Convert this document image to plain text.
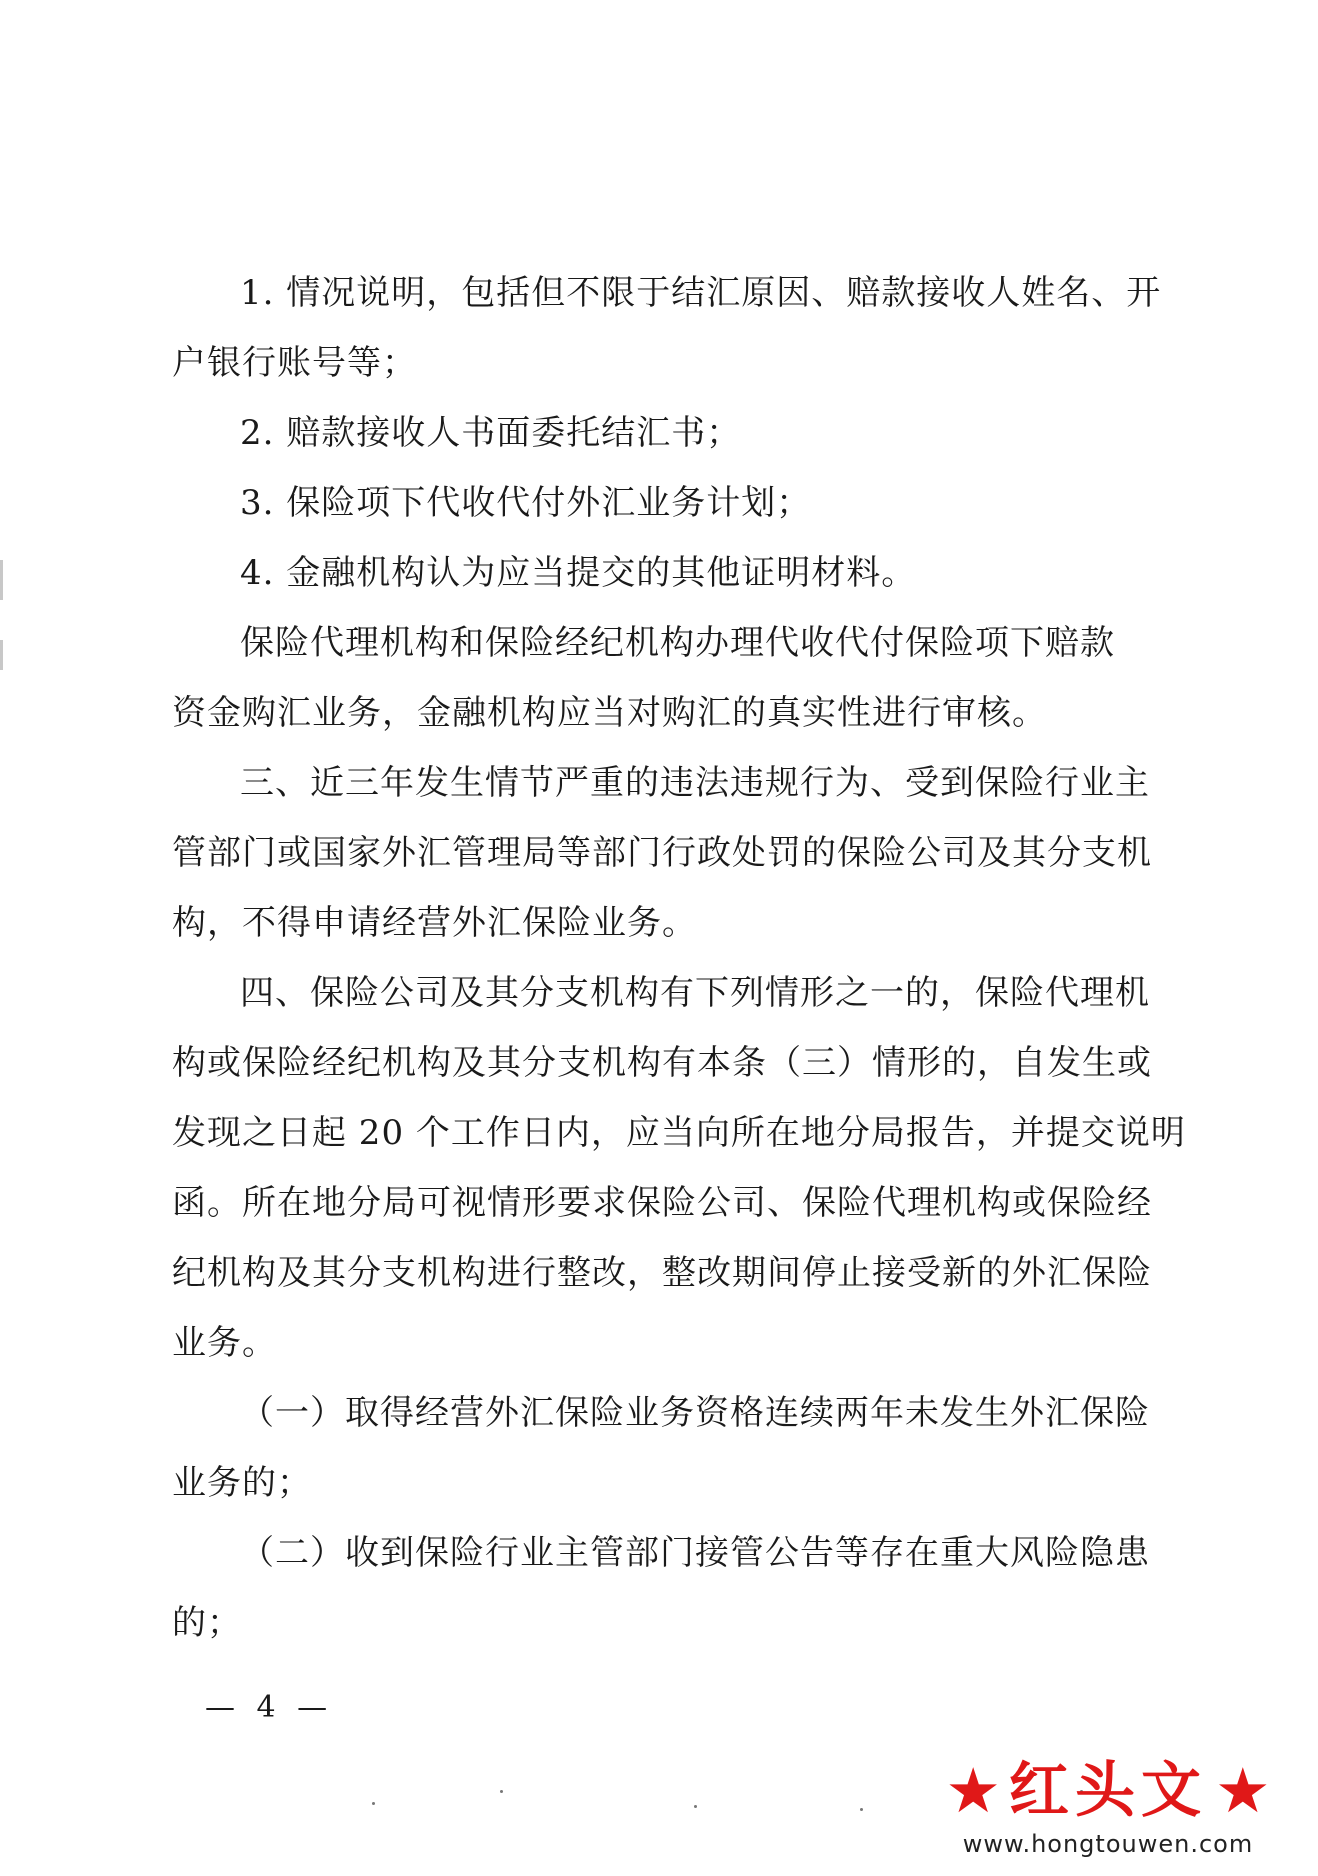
1. 情况说明，包括但不限于结汇原因、赔款接收人姓名、开
户银行账号等；
2. 赔款接收人书面委托结汇书；
3. 保险项下代收代付外汇业务计划；
4. 金融机构认为应当提交的其他证明材料。
保险代理机构和保险经纪机构办理代收代付保险项下赔款
资金购汇业务，金融机构应当对购汇的真实性进行审核。
三、近三年发生情节严重的违法违规行为、受到保险行业主
管部门或国家外汇管理局等部门行政处罚的保险公司及其分支机
构，不得申请经营外汇保险业务。
四、保险公司及其分支机构有下列情形之一的，保险代理机
构或保险经纪机构及其分支机构有本条（三）情形的，自发生或
发现之日起 20 个工作日内，应当向所在地分局报告，并提交说明
函。所在地分局可视情形要求保险公司、保险代理机构或保险经
纪机构及其分支机构进行整改，整改期间停止接受新的外汇保险
业务。
（一）取得经营外汇保险业务资格连续两年未发生外汇保险
业务的；
（二）收到保险行业主管部门接管公告等存在重大风险隐患
的；
— 4 —
★ 红头文 ★
www.hongtouwen.com
